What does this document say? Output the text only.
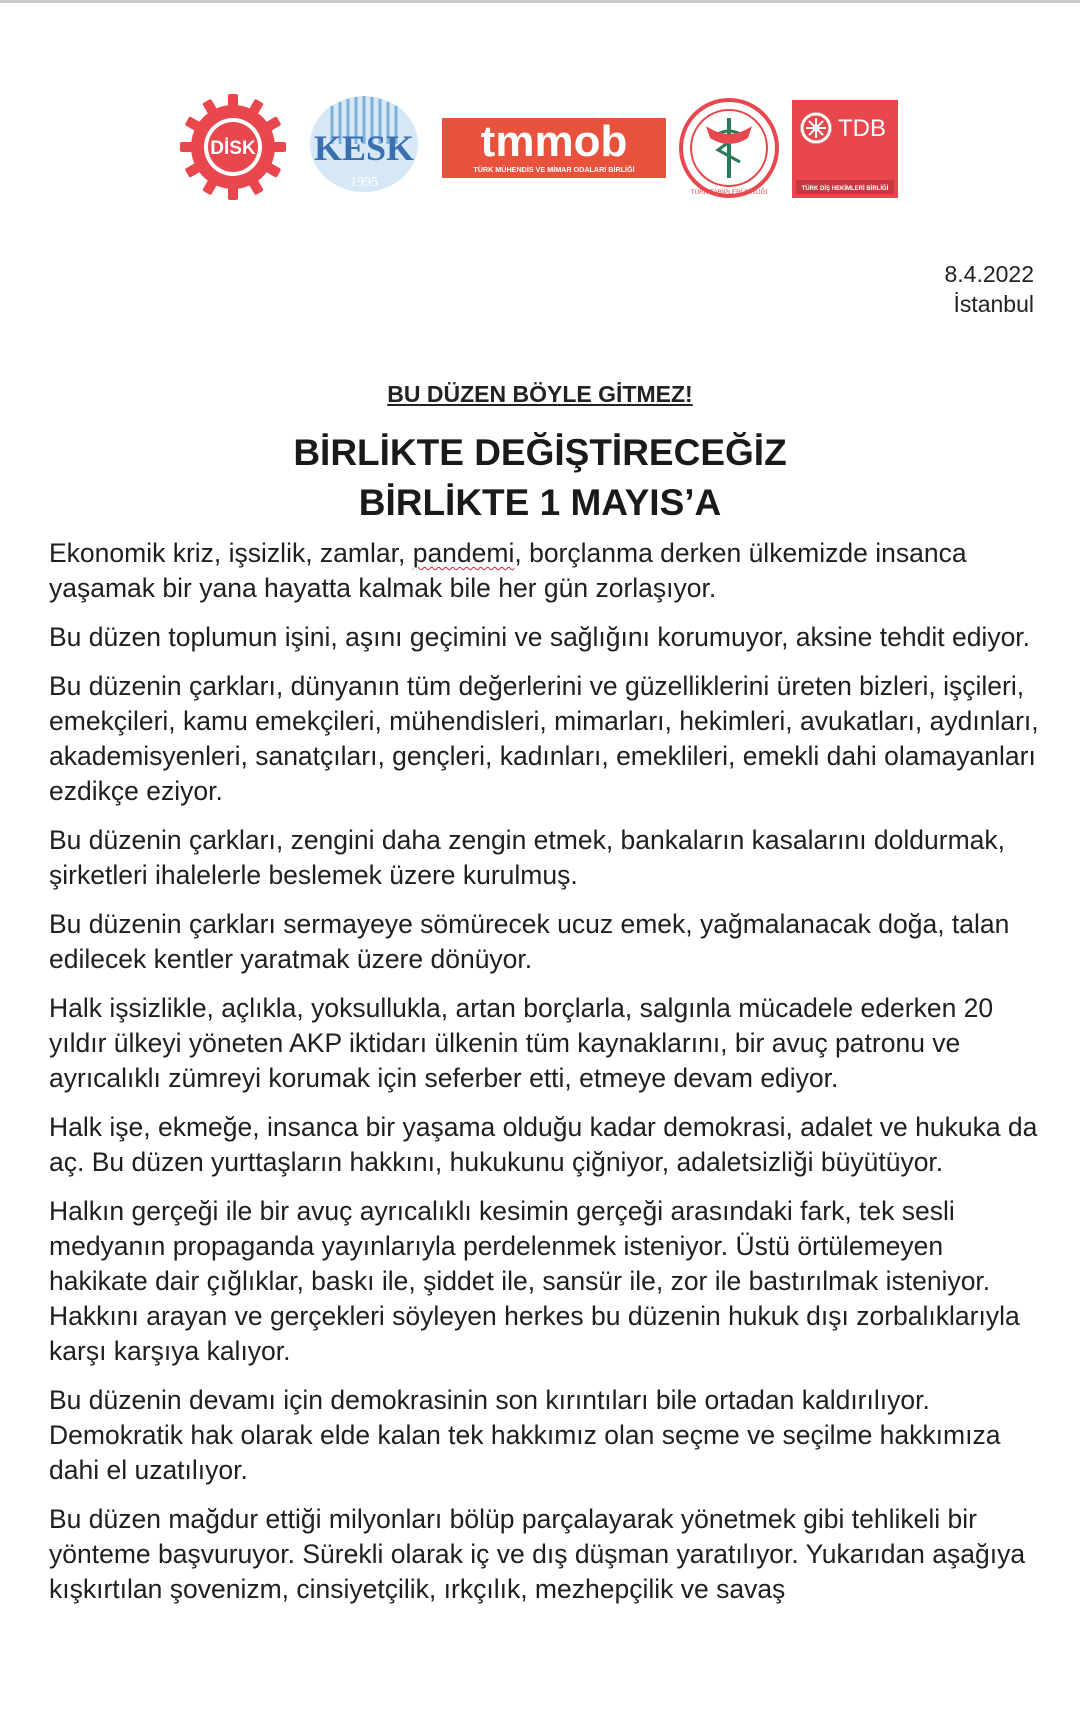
DİSK KESK
1995
tmmob
TÜRK MÜHENDİS VE MİMAR ODALARI BİRLİĞİ
TÜRK TABİPLERİ BİRLİĞİ
TDB
TÜRK DİŞ HEKİMLERİ BİRLİĞİ
8.4.2022
İstanbul
BU DÜZEN BÖYLE GİTMEZ!
BİRLİKTE DEĞİŞTİRECEĞİZ
BİRLİKTE 1 MAYIS’A

Ekonomik kriz, işsizlik, zamlar, pandemi, borçlanma derken ülkemizde insanca yaşamak bir yana hayatta kalmak bile her gün zorlaşıyor.

Bu düzen toplumun işini, aşını geçimini ve sağlığını korumuyor, aksine tehdit ediyor.

Bu düzenin çarkları, dünyanın tüm değerlerini ve güzelliklerini üreten bizleri, işçileri, emekçileri, kamu emekçileri, mühendisleri, mimarları, hekimleri, avukatları, aydınları, akademisyenleri, sanatçıları, gençleri, kadınları, emeklileri, emekli dahi olamayanları ezdikçe eziyor.

Bu düzenin çarkları, zengini daha zengin etmek, bankaların kasalarını doldurmak, şirketleri ihalelerle beslemek üzere kurulmuş.

Bu düzenin çarkları sermayeye sömürecek ucuz emek, yağmalanacak doğa, talan edilecek kentler yaratmak üzere dönüyor.

Halk işsizlikle, açlıkla, yoksullukla, artan borçlarla, salgınla mücadele ederken 20 yıldır ülkeyi yöneten AKP iktidarı ülkenin tüm kaynaklarını, bir avuç patronu ve ayrıcalıklı zümreyi korumak için seferber etti, etmeye devam ediyor.

Halk işe, ekmeğe, insanca bir yaşama olduğu kadar demokrasi, adalet ve hukuka da aç. Bu düzen yurttaşların hakkını, hukukunu çiğniyor, adaletsizliği büyütüyor.

Halkın gerçeği ile bir avuç ayrıcalıklı kesimin gerçeği arasındaki fark, tek sesli medyanın propaganda yayınlarıyla perdelenmek isteniyor. Üstü örtülemeyen hakikate dair çığlıklar, baskı ile, şiddet ile, sansür ile, zor ile bastırılmak isteniyor. Hakkını arayan ve gerçekleri söyleyen herkes bu düzenin hukuk dışı zorbalıklarıyla karşı karşıya kalıyor.

Bu düzenin devamı için demokrasinin son kırıntıları bile ortadan kaldırılıyor. Demokratik hak olarak elde kalan tek hakkımız olan seçme ve seçilme hakkımıza dahi el uzatılıyor.

Bu düzen mağdur ettiği milyonları bölüp parçalayarak yönetmek gibi tehlikeli bir yönteme başvuruyor. Sürekli olarak iç ve dış düşman yaratılıyor. Yukarıdan aşağıya kışkırtılan şovenizm, cinsiyetçilik, ırkçılık, mezhepçilik ve savaş
